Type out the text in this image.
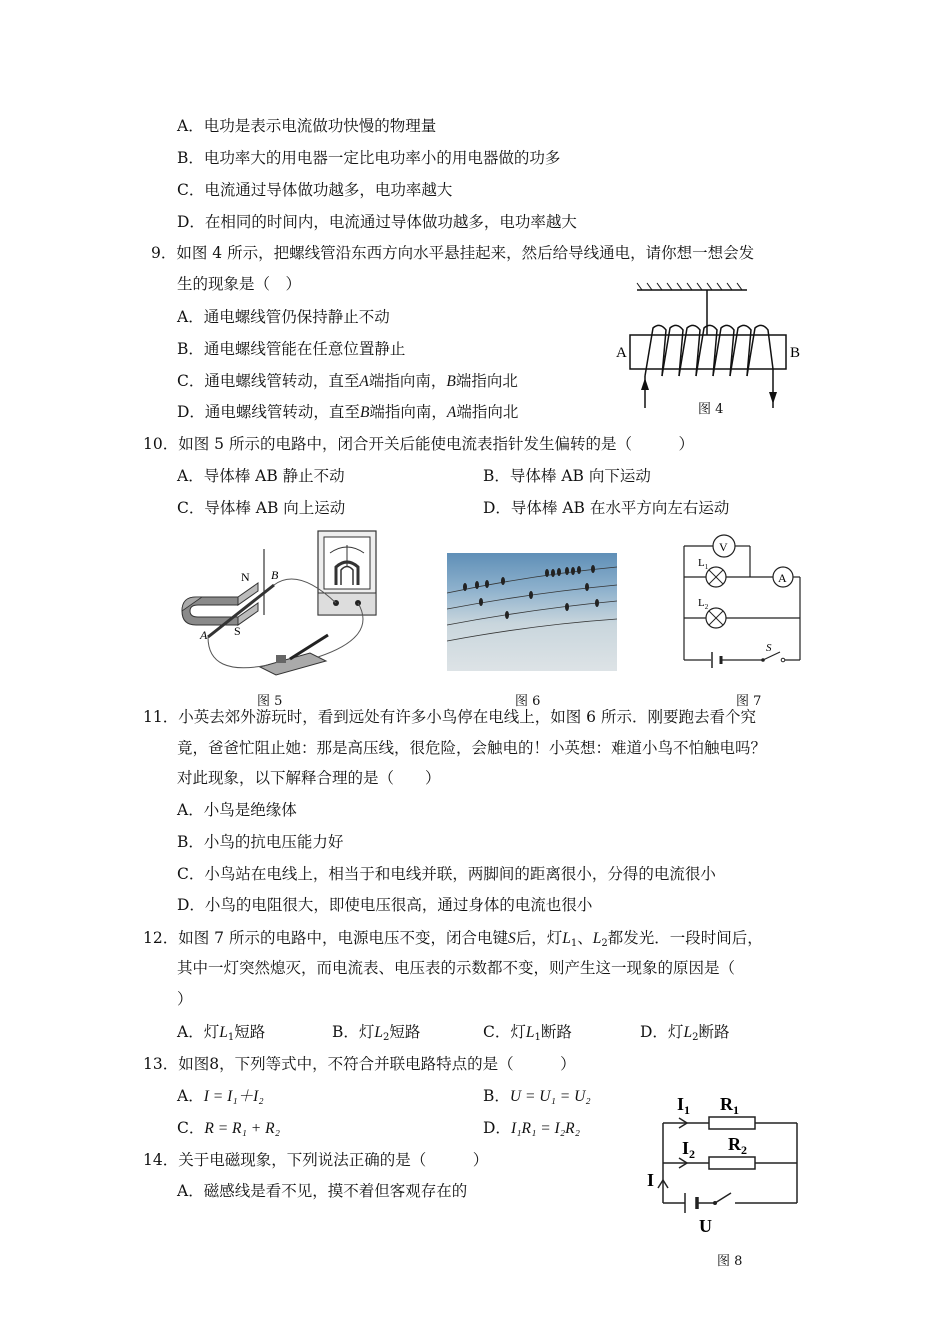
A．电功是表示电流做功快慢的物理量
B．电功率大的用电器一定比电功率小的用电器做的功多
C．电流通过导体做功越多，电功率越大
D．在相同的时间内，电流通过导体做功越多，电功率越大
9．如图 4 所示，把螺线管沿东西方向水平悬挂起来，然后给导线通电，请你想一想会发
生的现象是（　）
A．通电螺线管仍保持静止不动
B．通电螺线管能在任意位置静止
C．通电螺线管转动，直至A端指向南，B端指向北
D．通电螺线管转动，直至B端指向南，A端指向北
A	B
图 4
10．如图 5 所示的电路中，闭合开关后能使电流表指针发生偏转的是（　　　）
A．导体棒 AB 静止不动	B．导体棒 AB 向下运动
C．导体棒 AB 向上运动	D．导体棒 AB 在水平方向左右运动
N
S
A
B
图 5	图 6
V
A
$L_1$
$L_2$
S
图 7
11．小英去郊外游玩时，看到远处有许多小鸟停在电线上，如图 6 所示．刚要跑去看个究
竟，爸爸忙阻止她：那是高压线，很危险，会触电的！小英想：难道小鸟不怕触电吗？
对此现象，以下解释合理的是（　　）
A．小鸟是绝缘体
B．小鸟的抗电压能力好
C．小鸟站在电线上，相当于和电线并联，两脚间的距离很小，分得的电流很小
D．小鸟的电阻很大，即使电压很高，通过身体的电流也很小
12．如图 7 所示的电路中，电源电压不变，闭合电键S后，灯$L_1$、$L_2$都发光．一段时间后，
其中一灯突然熄灭，而电流表、电压表的示数都不变，则产生这一现象的原因是（
）
A．灯$L_1$短路	B．灯$L_2$短路	C．灯$L_1$断路	D．灯$L_2$断路
13．如图8，下列等式中，不符合并联电路特点的是（　　　）
A．I = I₁＋I₂	B．U = U₁ = U₂
C．R = R₁ + R₂	D．I₁R₁ = I₂R₂
$I_1$ $R_1$
$I_2$ $R_2$
I
U
图 8
14．关于电磁现象，下列说法正确的是（　　　）
A．磁感线是看不见，摸不着但客观存在的
